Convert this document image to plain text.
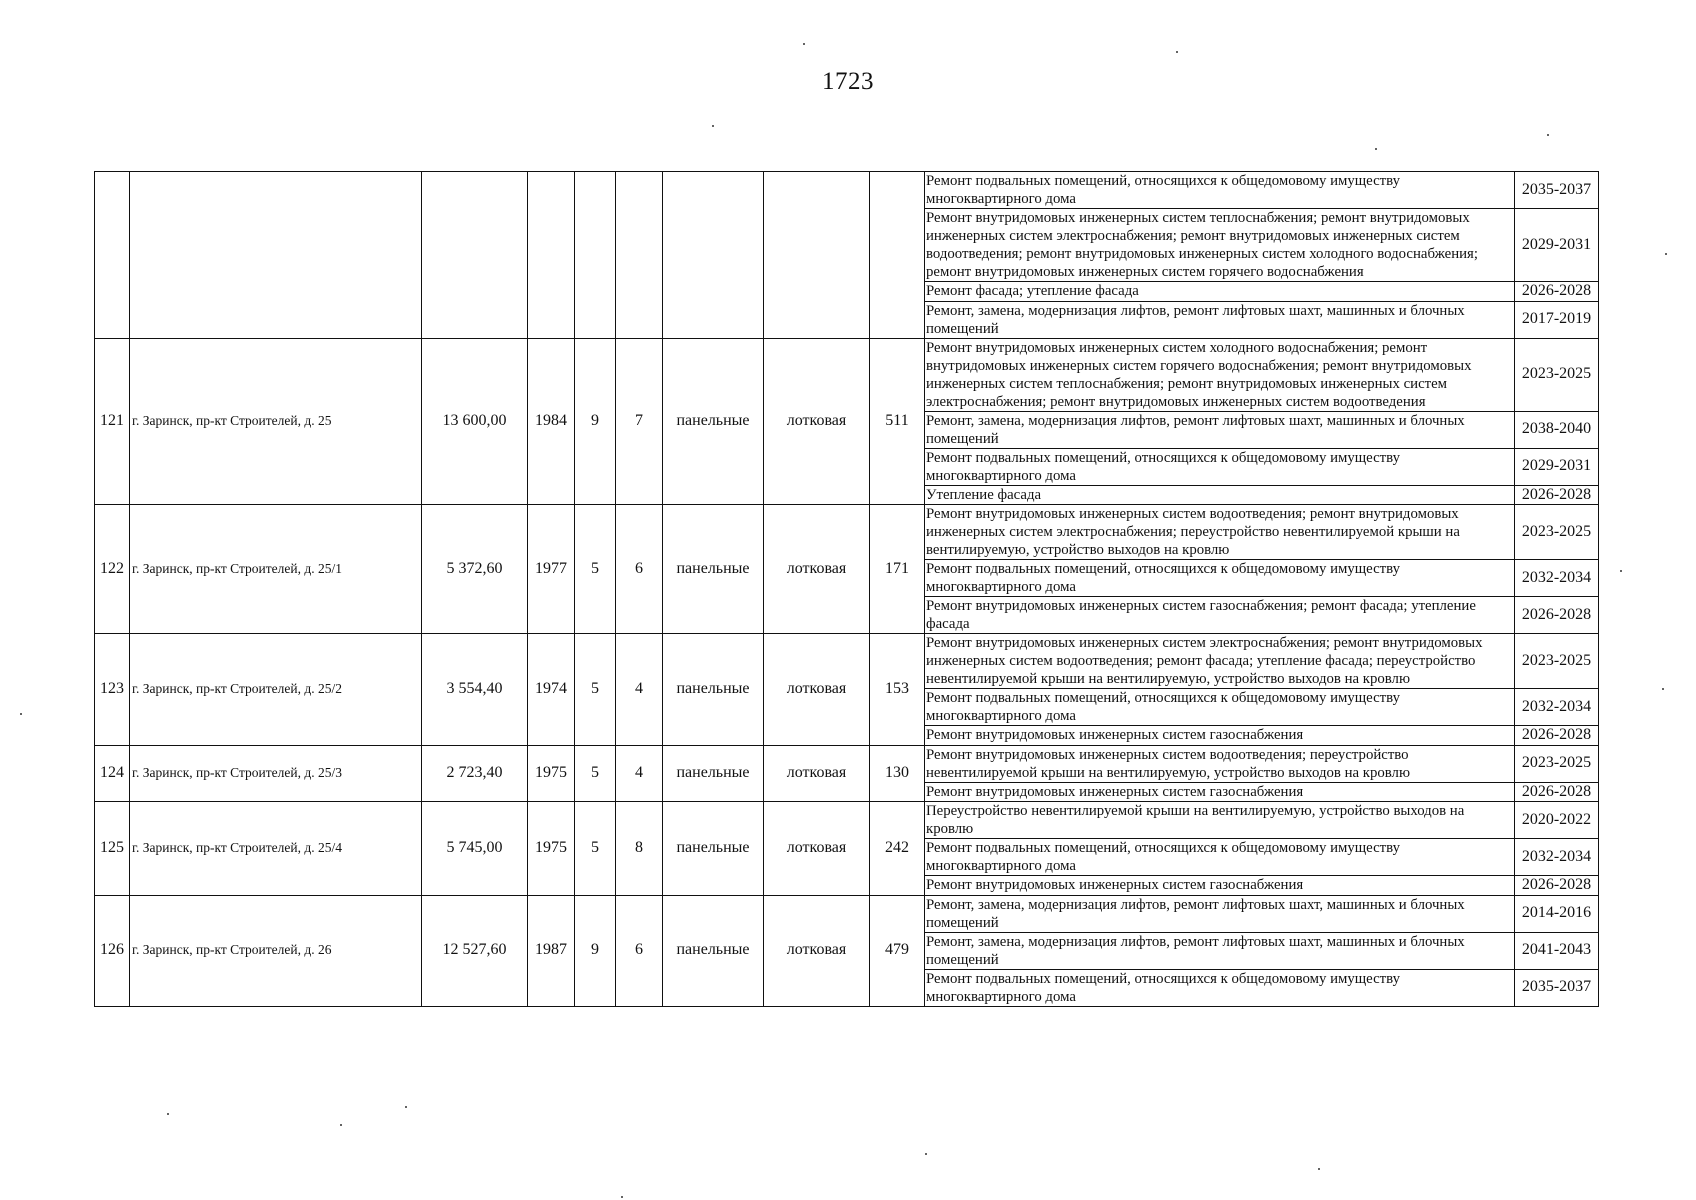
1723
									Ремонт подвальных помещений, относящихся к общедомовому имуществу многоквартирного дома	2035-2037
									Ремонт внутридомовых инженерных систем теплоснабжения; ремонт внутридомовых инженерных систем электроснабжения; ремонт внутридомовых инженерных систем водоотведения; ремонт внутридомовых инженерных систем холодного водоснабжения; ремонт внутридомовых инженерных систем горячего водоснабжения	2029-2031
									Ремонт фасада; утепление фасада	2026-2028
									Ремонт, замена, модернизация лифтов, ремонт лифтовых шахт, машинных и блочных помещений	2017-2019
121	г. Заринск, пр-кт Строителей, д. 25	13 600,00	1984	9	7	панельные	лотковая	511	Ремонт внутридомовых инженерных систем холодного водоснабжения; ремонт внутридомовых инженерных систем горячего водоснабжения; ремонт внутридомовых инженерных систем теплоснабжения; ремонт внутридомовых инженерных систем электроснабжения; ремонт внутридомовых инженерных систем водоотведения	2023-2025
									Ремонт, замена, модернизация лифтов, ремонт лифтовых шахт, машинных и блочных помещений	2038-2040
									Ремонт подвальных помещений, относящихся к общедомовому имуществу многоквартирного дома	2029-2031
									Утепление фасада	2026-2028
122	г. Заринск, пр-кт Строителей, д. 25/1	5 372,60	1977	5	6	панельные	лотковая	171	Ремонт внутридомовых инженерных систем водоотведения; ремонт внутридомовых инженерных систем электроснабжения; переустройство невентилируемой крыши на вентилируемую, устройство выходов на кровлю	2023-2025
									Ремонт подвальных помещений, относящихся к общедомовому имуществу многоквартирного дома	2032-2034
									Ремонт внутридомовых инженерных систем газоснабжения; ремонт фасада; утепление фасада	2026-2028
123	г. Заринск, пр-кт Строителей, д. 25/2	3 554,40	1974	5	4	панельные	лотковая	153	Ремонт внутридомовых инженерных систем электроснабжения; ремонт внутридомовых инженерных систем водоотведения; ремонт фасада; утепление фасада; переустройство невентилируемой крыши на вентилируемую, устройство выходов на кровлю	2023-2025
									Ремонт подвальных помещений, относящихся к общедомовому имуществу многоквартирного дома	2032-2034
									Ремонт внутридомовых инженерных систем газоснабжения	2026-2028
124	г. Заринск, пр-кт Строителей, д. 25/3	2 723,40	1975	5	4	панельные	лотковая	130	Ремонт внутридомовых инженерных систем водоотведения; переустройство невентилируемой крыши на вентилируемую, устройство выходов на кровлю	2023-2025
									Ремонт внутридомовых инженерных систем газоснабжения	2026-2028
125	г. Заринск, пр-кт Строителей, д. 25/4	5 745,00	1975	5	8	панельные	лотковая	242	Переустройство невентилируемой крыши на вентилируемую, устройство выходов на кровлю	2020-2022
									Ремонт подвальных помещений, относящихся к общедомовому имуществу многоквартирного дома	2032-2034
									Ремонт внутридомовых инженерных систем газоснабжения	2026-2028
126	г. Заринск, пр-кт Строителей, д. 26	12 527,60	1987	9	6	панельные	лотковая	479	Ремонт, замена, модернизация лифтов, ремонт лифтовых шахт, машинных и блочных помещений	2014-2016
									Ремонт, замена, модернизация лифтов, ремонт лифтовых шахт, машинных и блочных помещений	2041-2043
									Ремонт подвальных помещений, относящихся к общедомовому имуществу многоквартирного дома	2035-2037
